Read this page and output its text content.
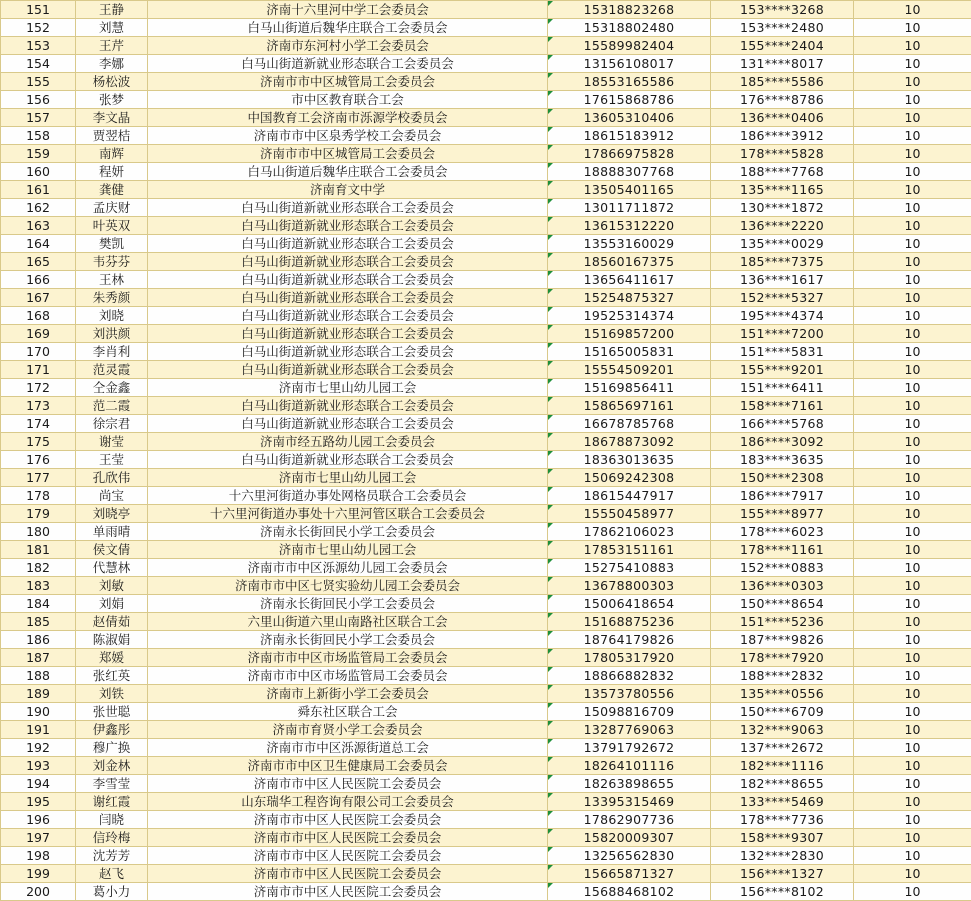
151	王静	济南十六里河中学工会委员会	15318823268	153****3268	10
152	刘慧	白马山街道后魏华庄联合工会委员会	15318802480	153****2480	10
153	王芹	济南市东河村小学工会委员会	15589982404	155****2404	10
154	李娜	白马山街道新就业形态联合工会委员会	13156108017	131****8017	10
155	杨松波	济南市市中区城管局工会委员会	18553165586	185****5586	10
156	张梦	市中区教育联合工会	17615868786	176****8786	10
157	李文晶	中国教育工会济南市泺源学校委员会	13605310406	136****0406	10
158	贾翌桔	济南市市中区泉秀学校工会委员会	18615183912	186****3912	10
159	南辉	济南市市中区城管局工会委员会	17866975828	178****5828	10
160	程妍	白马山街道后魏华庄联合工会委员会	18888307768	188****7768	10
161	龚健	济南育文中学	13505401165	135****1165	10
162	孟庆财	白马山街道新就业形态联合工会委员会	13011711872	130****1872	10
163	叶英双	白马山街道新就业形态联合工会委员会	13615312220	136****2220	10
164	樊凯	白马山街道新就业形态联合工会委员会	13553160029	135****0029	10
165	韦芬芬	白马山街道新就业形态联合工会委员会	18560167375	185****7375	10
166	王林	白马山街道新就业形态联合工会委员会	13656411617	136****1617	10
167	朱秀颜	白马山街道新就业形态联合工会委员会	15254875327	152****5327	10
168	刘晓	白马山街道新就业形态联合工会委员会	19525314374	195****4374	10
169	刘洪颜	白马山街道新就业形态联合工会委员会	15169857200	151****7200	10
170	李肖利	白马山街道新就业形态联合工会委员会	15165005831	151****5831	10
171	范灵霞	白马山街道新就业形态联合工会委员会	15554509201	155****9201	10
172	仝金鑫	济南市七里山幼儿园工会	15169856411	151****6411	10
173	范二霞	白马山街道新就业形态联合工会委员会	15865697161	158****7161	10
174	徐宗君	白马山街道新就业形态联合工会委员会	16678785768	166****5768	10
175	谢莹	济南市经五路幼儿园工会委员会	18678873092	186****3092	10
176	王莹	白马山街道新就业形态联合工会委员会	18363013635	183****3635	10
177	孔欣伟	济南市七里山幼儿园工会	15069242308	150****2308	10
178	尚宝	十六里河街道办事处网格员联合工会委员会	18615447917	186****7917	10
179	刘晓亭	十六里河街道办事处十六里河管区联合工会委员会	15550458977	155****8977	10
180	单雨晴	济南永长街回民小学工会委员会	17862106023	178****6023	10
181	侯文倩	济南市七里山幼儿园工会	17853151161	178****1161	10
182	代慧林	济南市市中区泺源幼儿园工会委员会	15275410883	152****0883	10
183	刘敏	济南市市中区七贤实验幼儿园工会委员会	13678800303	136****0303	10
184	刘娟	济南永长街回民小学工会委员会	15006418654	150****8654	10
185	赵倩茹	六里山街道六里山南路社区联合工会	15168875236	151****5236	10
186	陈淑娟	济南永长街回民小学工会委员会	18764179826	187****9826	10
187	郑媛	济南市市中区市场监管局工会委员会	17805317920	178****7920	10
188	张红英	济南市市中区市场监管局工会委员会	18866882832	188****2832	10
189	刘铁	济南市上新街小学工会委员会	13573780556	135****0556	10
190	张世聪	舜东社区联合工会	15098816709	150****6709	10
191	伊鑫彤	济南市育贤小学工会委员会	13287769063	132****9063	10
192	穆广换	济南市市中区泺源街道总工会	13791792672	137****2672	10
193	刘金林	济南市市中区卫生健康局工会委员会	18264101116	182****1116	10
194	李雪莹	济南市市中区人民医院工会委员会	18263898655	182****8655	10
195	谢红霞	山东瑞华工程咨询有限公司工会委员会	13395315469	133****5469	10
196	闫晓	济南市市中区人民医院工会委员会	17862907736	178****7736	10
197	信玲梅	济南市市中区人民医院工会委员会	15820009307	158****9307	10
198	沈芳芳	济南市市中区人民医院工会委员会	13256562830	132****2830	10
199	赵飞	济南市市中区人民医院工会委员会	15665871327	156****1327	10
200	葛小力	济南市市中区人民医院工会委员会	15688468102	156****8102	10
